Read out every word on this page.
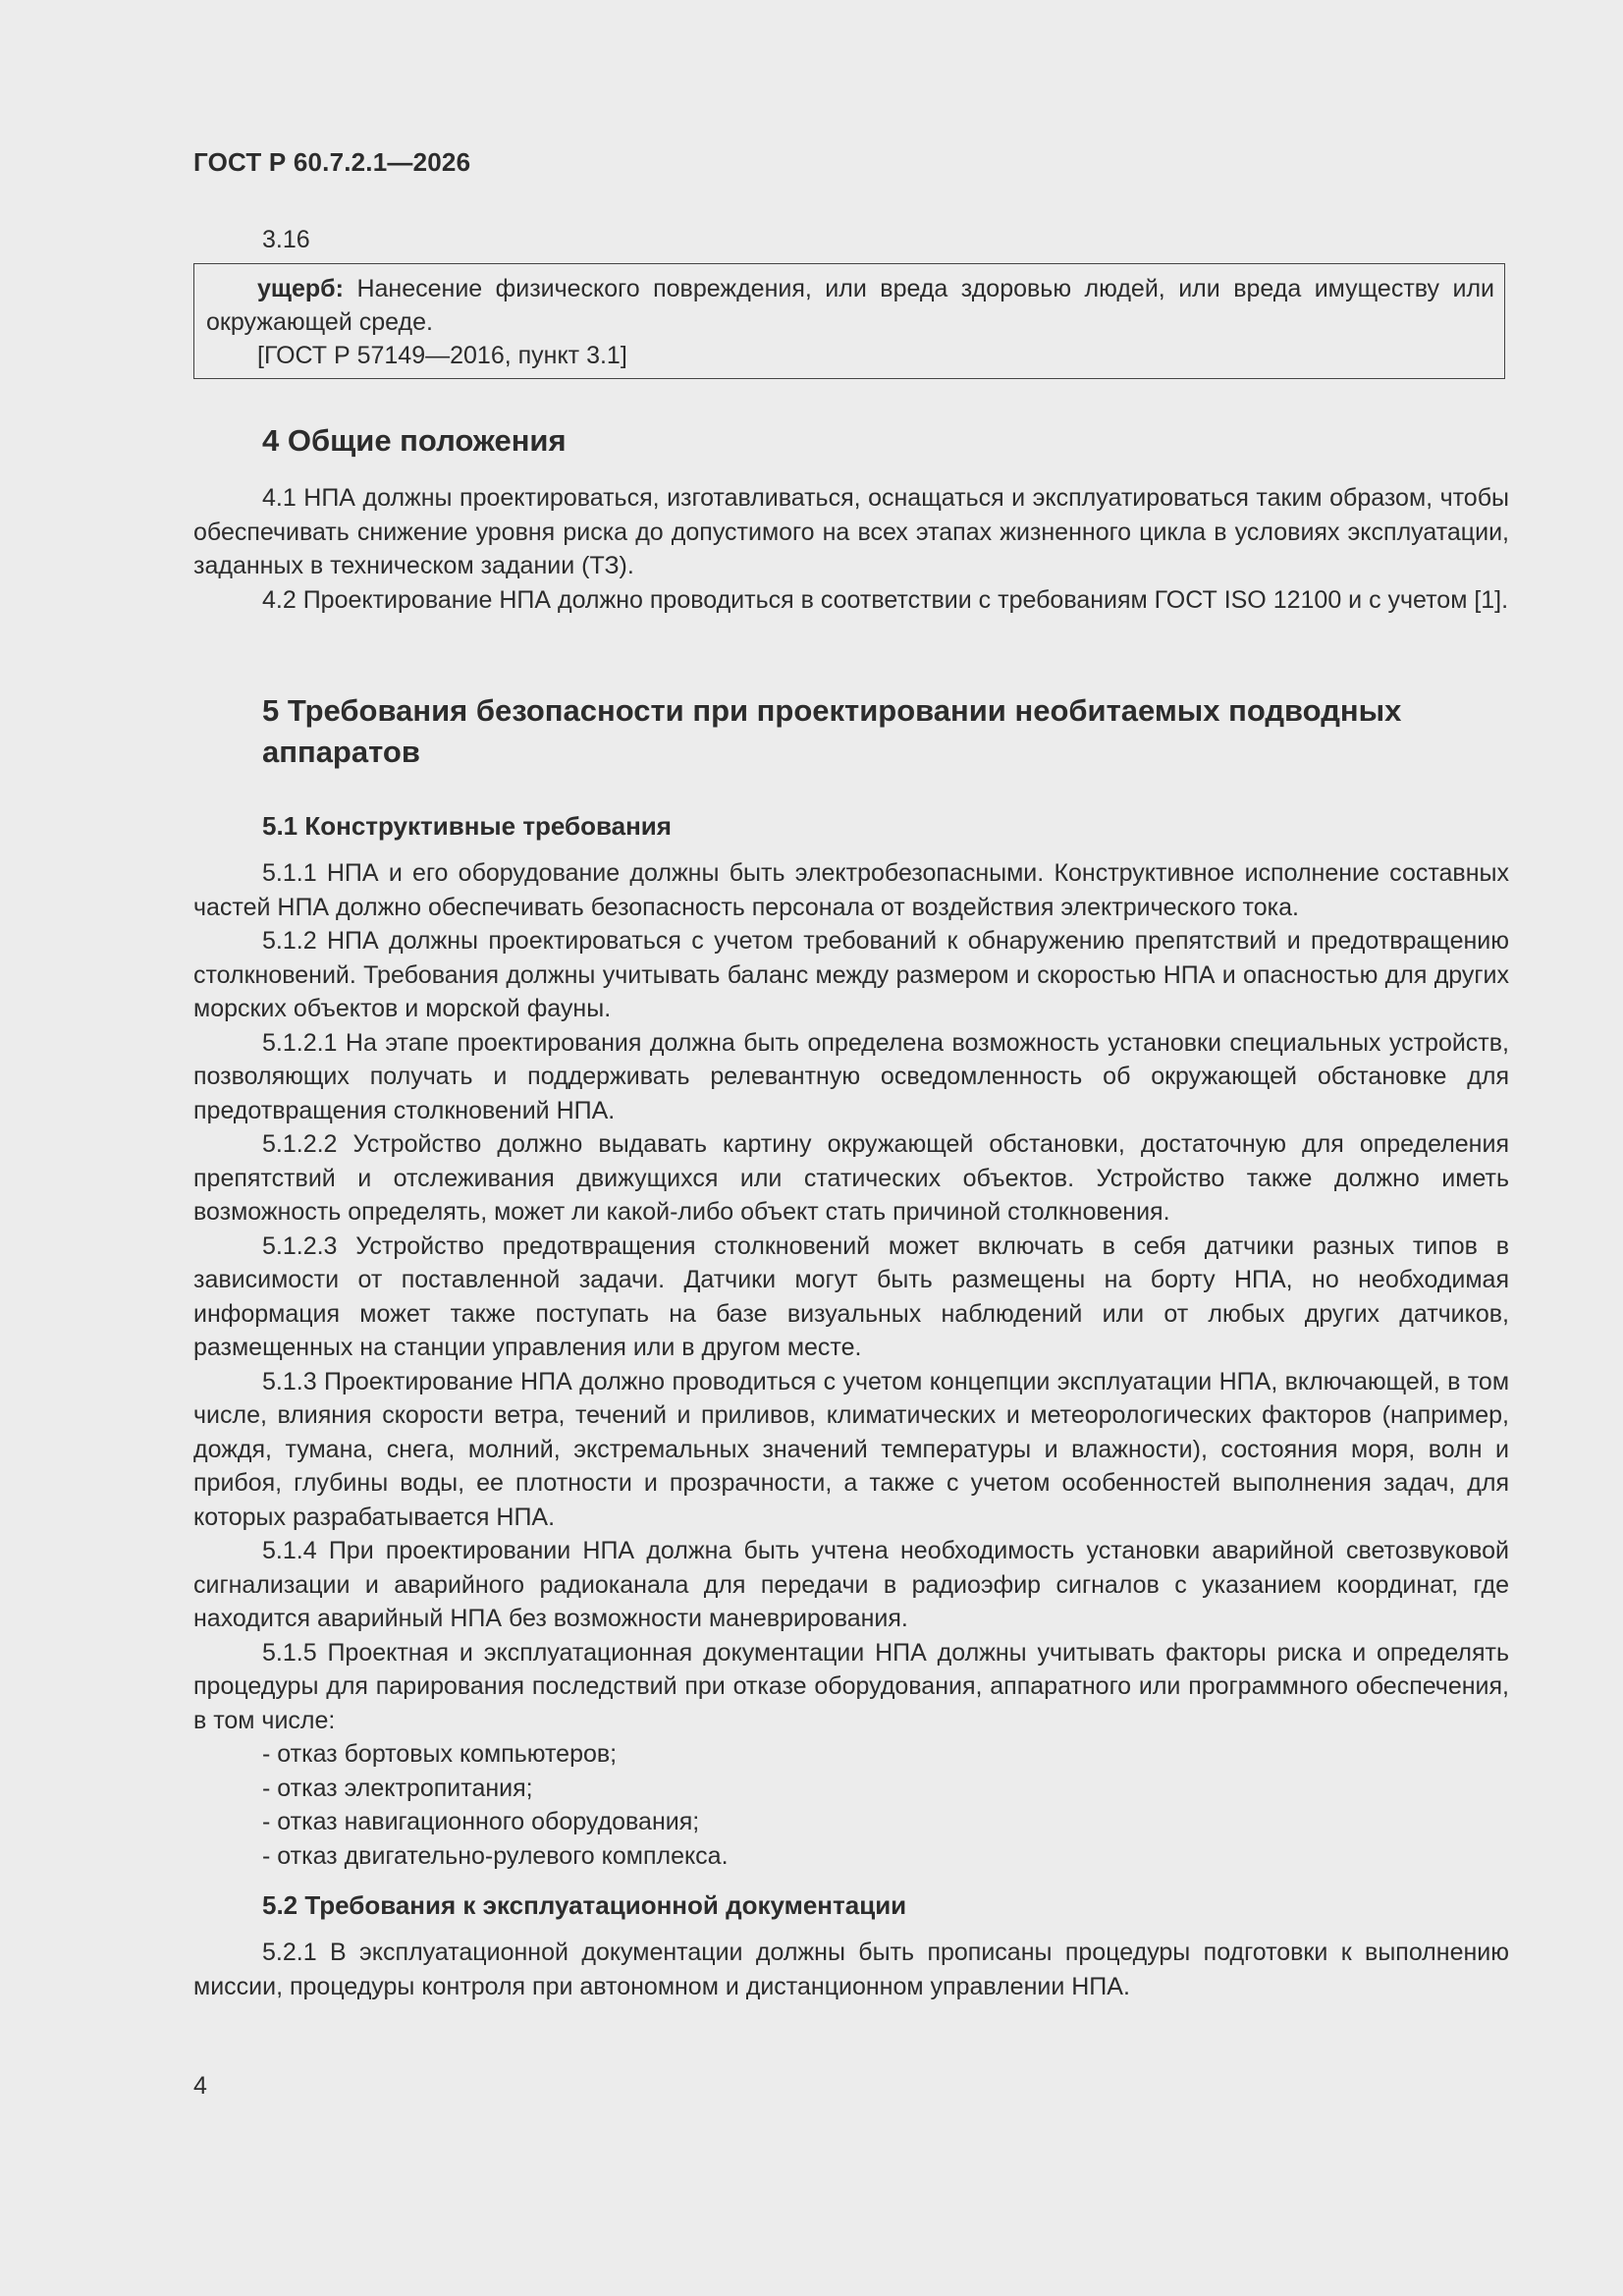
ГОСТ Р 60.7.2.1—2026
3.16

ущерб: Нанесение физического повреждения, или вреда здоровью людей, или вреда имуществу или окружающей среде.

[ГОСТ Р 57149—2016, пункт 3.1]

4 Общие положения

4.1 НПА должны проектироваться, изготавливаться, оснащаться и эксплуатироваться таким образом, чтобы обеспечивать снижение уровня риска до допустимого на всех этапах жизненного цикла в условиях эксплуатации, заданных в техническом задании (ТЗ).

4.2 Проектирование НПА должно проводиться в соответствии с требованиям ГОСТ ISO 12100 и с учетом [1].

5 Требования безопасности при проектировании необитаемых подводных аппаратов
5.1 Конструктивные требования

5.1.1 НПА и его оборудование должны быть электробезопасными. Конструктивное исполнение составных частей НПА должно обеспечивать безопасность персонала от воздействия электрического тока.

5.1.2 НПА должны проектироваться с учетом требований к обнаружению препятствий и предотвращению столкновений. Требования должны учитывать баланс между размером и скоростью НПА и опасностью для других морских объектов и морской фауны.

5.1.2.1 На этапе проектирования должна быть определена возможность установки специальных устройств, позволяющих получать и поддерживать релевантную осведомленность об окружающей обстановке для предотвращения столкновений НПА.

5.1.2.2 Устройство должно выдавать картину окружающей обстановки, достаточную для определения препятствий и отслеживания движущихся или статических объектов. Устройство также должно иметь возможность определять, может ли какой-либо объект стать причиной столкновения.

5.1.2.3 Устройство предотвращения столкновений может включать в себя датчики разных типов в зависимости от поставленной задачи. Датчики могут быть размещены на борту НПА, но необходимая информация может также поступать на базе визуальных наблюдений или от любых других датчиков, размещенных на станции управления или в другом месте.

5.1.3 Проектирование НПА должно проводиться с учетом концепции эксплуатации НПА, включающей, в том числе, влияния скорости ветра, течений и приливов, климатических и метеорологических факторов (например, дождя, тумана, снега, молний, экстремальных значений температуры и влажности), состояния моря, волн и прибоя, глубины воды, ее плотности и прозрачности, а также с учетом особенностей выполнения задач, для которых разрабатывается НПА.

5.1.4 При проектировании НПА должна быть учтена необходимость установки аварийной светозвуковой сигнализации и аварийного радиоканала для передачи в радиоэфир сигналов с указанием координат, где находится аварийный НПА без возможности маневрирования.

5.1.5 Проектная и эксплуатационная документации НПА должны учитывать факторы риска и определять процедуры для парирования последствий при отказе оборудования, аппаратного или программного обеспечения, в том числе:

- отказ бортовых компьютеров;
- отказ электропитания;
- отказ навигационного оборудования;
- отказ двигательно-рулевого комплекса.
5.2 Требования к эксплуатационной документации

5.2.1 В эксплуатационной документации должны быть прописаны процедуры подготовки к выполнению миссии, процедуры контроля при автономном и дистанционном управлении НПА.

4
